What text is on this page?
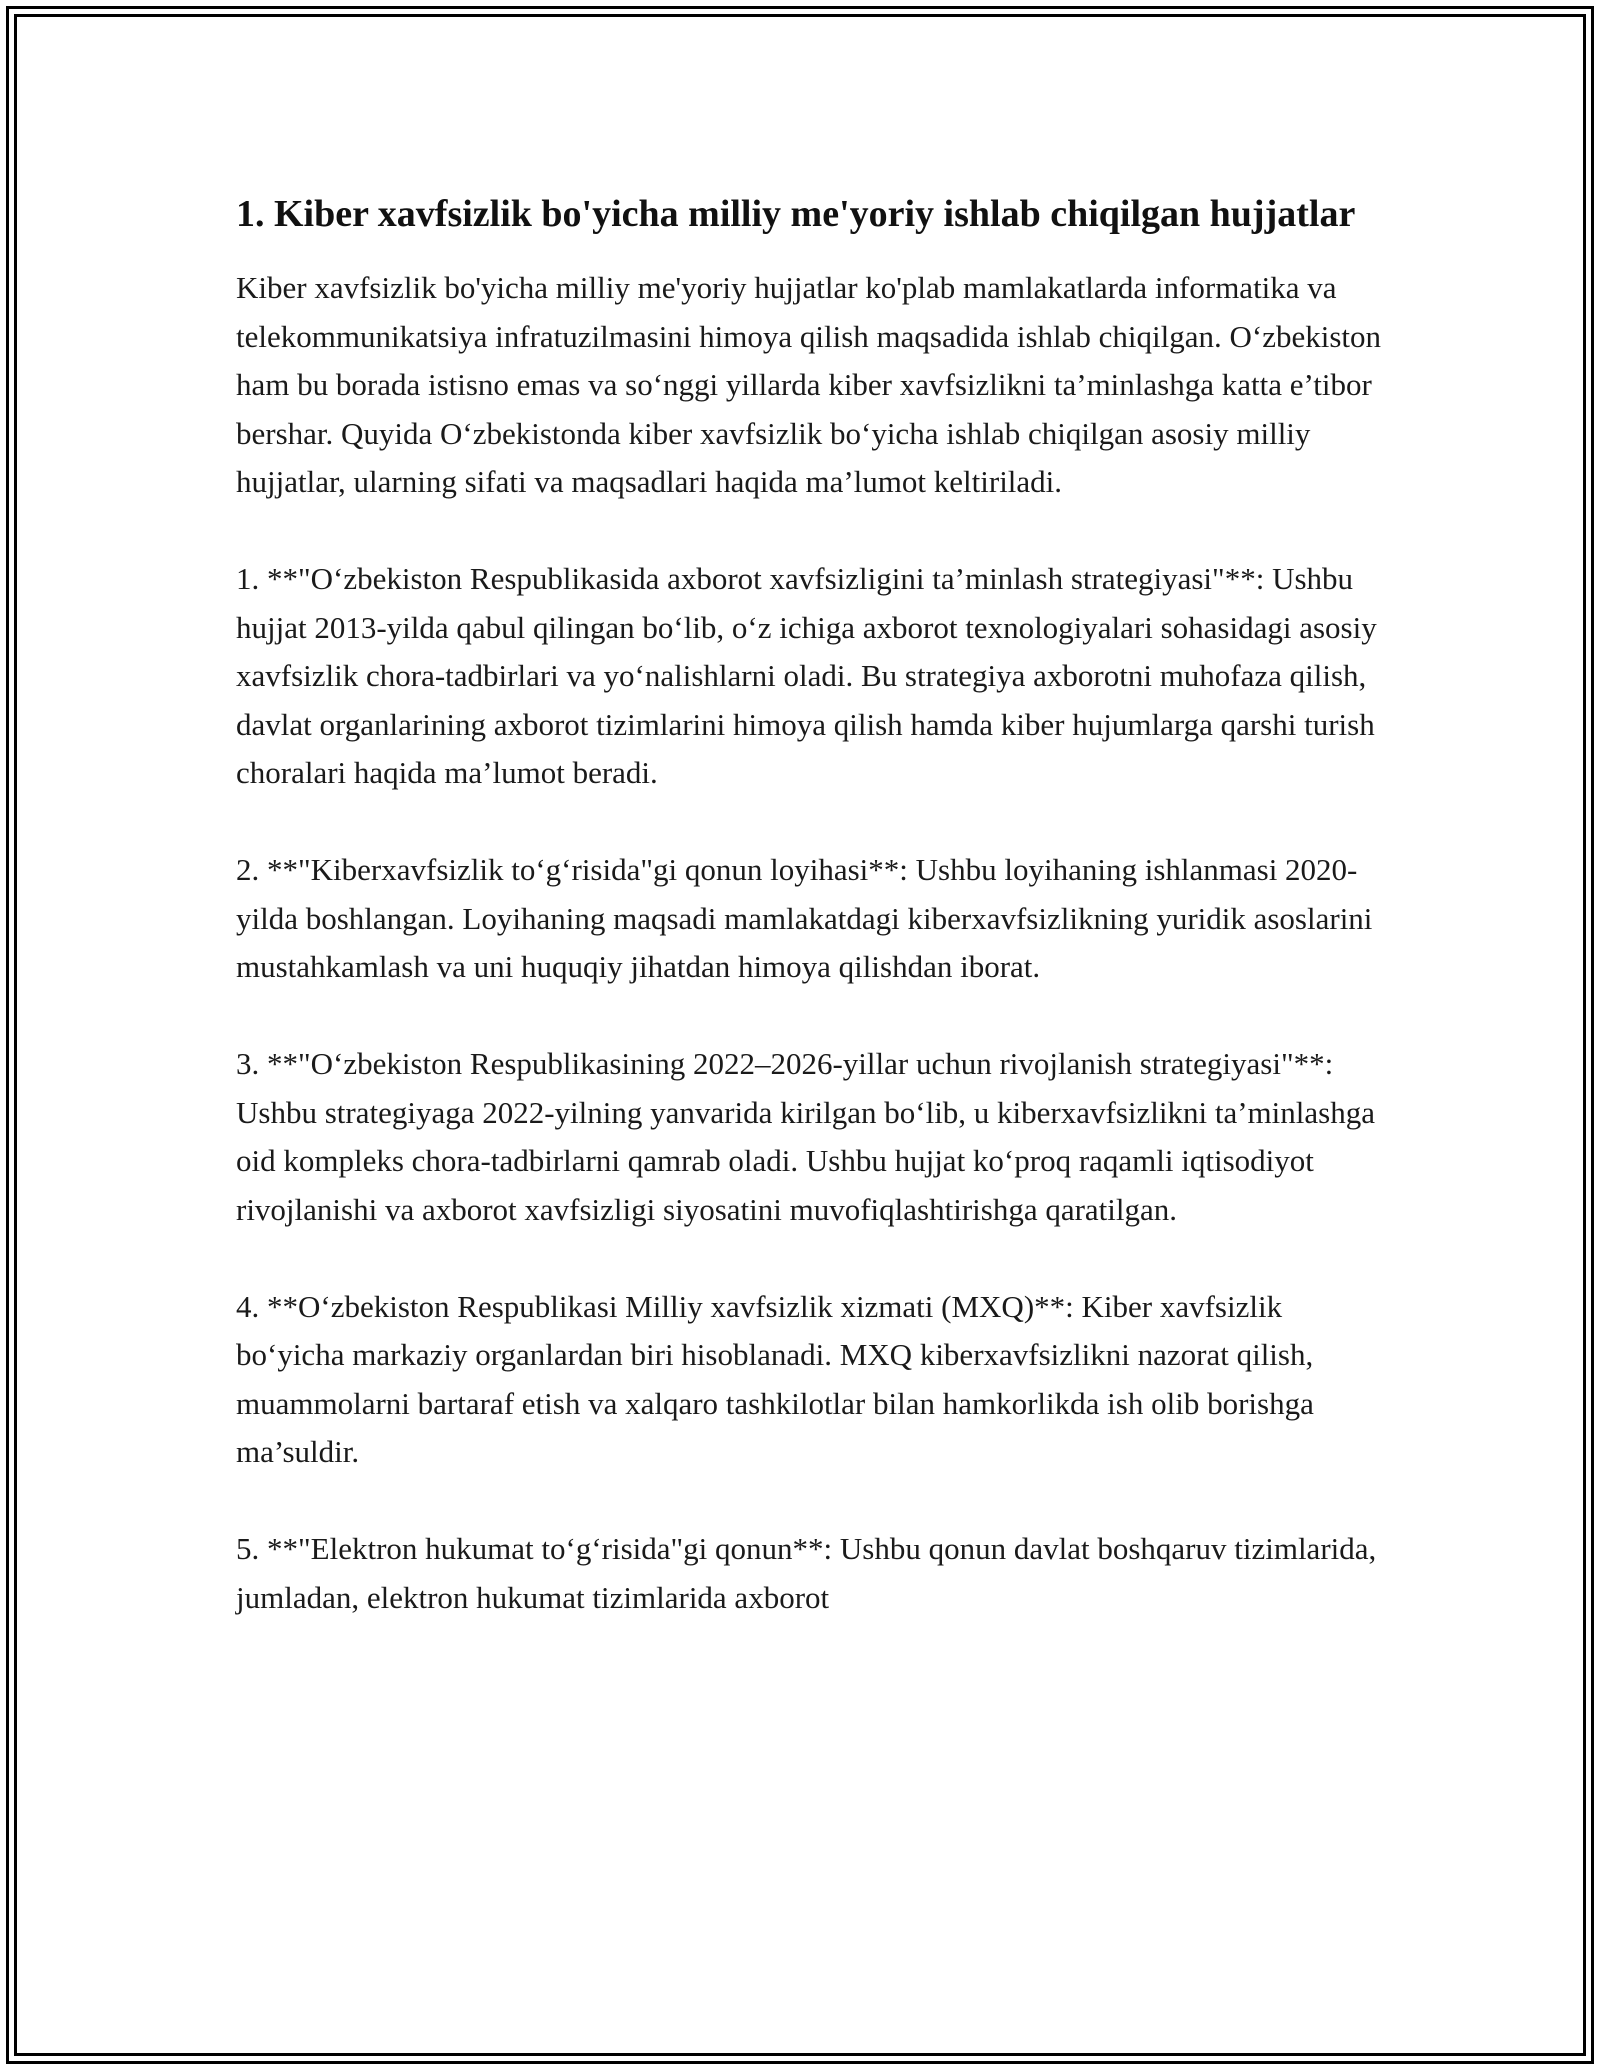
1. Kiber xavfsizlik bo'yicha milliy me'yoriy ishlab chiqilgan hujjatlar

Kiber xavfsizlik bo'yicha milliy me'yoriy hujjatlar ko'plab mamlakatlarda informatika va telekommunikatsiya infratuzilmasini himoya qilish maqsadida ishlab chiqilgan. O‘zbekiston ham bu borada istisno emas va so‘nggi yillarda kiber xavfsizlikni ta’minlashga katta e’tibor bershar. Quyida O‘zbekistonda kiber xavfsizlik bo‘yicha ishlab chiqilgan asosiy milliy hujjatlar, ularning sifati va maqsadlari haqida ma’lumot keltiriladi.

1. **"O‘zbekiston Respublikasida axborot xavfsizligini ta’minlash strategiyasi"**: Ushbu hujjat 2013-yilda qabul qilingan bo‘lib, o‘z ichiga axborot texnologiyalari sohasidagi asosiy xavfsizlik chora-tadbirlari va yo‘nalishlarni oladi. Bu strategiya axborotni muhofaza qilish, davlat organlarining axborot tizimlarini himoya qilish hamda kiber hujumlarga qarshi turish choralari haqida ma’lumot beradi.

2. **"Kiberxavfsizlik to‘g‘risida"gi qonun loyihasi**: Ushbu loyihaning ishlanmasi 2020-yilda boshlangan. Loyihaning maqsadi mamlakatdagi kiberxavfsizlikning yuridik asoslarini mustahkamlash va uni huquqiy jihatdan himoya qilishdan iborat.

3. **"O‘zbekiston Respublikasining 2022–2026-yillar uchun rivojlanish strategiyasi"**: Ushbu strategiyaga 2022-yilning yanvarida kirilgan bo‘lib, u kiberxavfsizlikni ta’minlashga oid kompleks chora-tadbirlarni qamrab oladi. Ushbu hujjat ko‘proq raqamli iqtisodiyot rivojlanishi va axborot xavfsizligi siyosatini muvofiqlashtirishga qaratilgan.

4. **O‘zbekiston Respublikasi Milliy xavfsizlik xizmati (MXQ)**: Kiber xavfsizlik bo‘yicha markaziy organlardan biri hisoblanadi. MXQ kiberxavfsizlikni nazorat qilish, muammolarni bartaraf etish va xalqaro tashkilotlar bilan hamkorlikda ish olib borishga ma’suldir.

5. **"Elektron hukumat to‘g‘risida"gi qonun**: Ushbu qonun davlat boshqaruv tizimlarida, jumladan, elektron hukumat tizimlarida axborot
